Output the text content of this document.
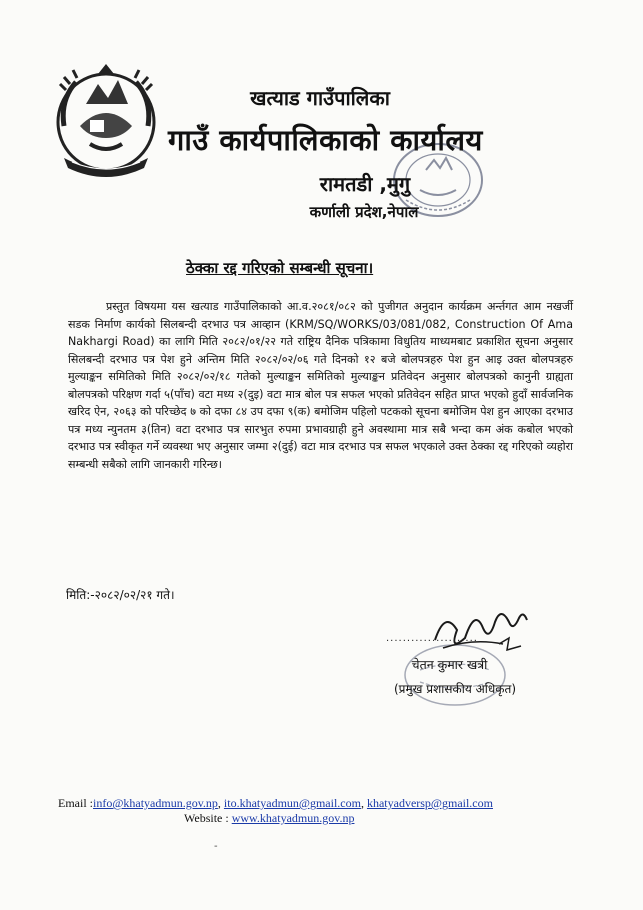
खत्याड गाउँपालिका
गाउँ कार्यपालिकाको कार्यालय
रामतडी ,मुगु
कर्णाली प्रदेश,नेपाल
ठेक्का रद्द गरिएको सम्बन्धी सूचना।

प्रस्तुत विषयमा यस खत्याड गाउँपालिकाको आ.व.२०८१/०८२ को पुजीगत अनुदान कार्यक्रम अर्न्तगत आम नखर्जी सडक निर्माण कार्यको सिलबन्दी दरभाउ पत्र आव्हान (KRM/SQ/WORKS/03/081/082, Construction Of Ama Nakhargi Road) का लागि मिति २०८२/०१/२२ गते राष्ट्रिय दैनिक पत्रिकामा विधुतिय माध्यमबाट प्रकाशित सूचना अनुसार सिलबन्दी दरभाउ पत्र पेश हुने अन्तिम मिति २०८२/०२/०६ गते दिनको १२ बजे बोलपत्रहरु पेश हुन आइ उक्त बोलपत्रहरु मुल्याङ्कन समितिको मिति २०८२/०२/१८ गतेको मुल्याङ्कन समितिको मुल्याङ्कन प्रतिवेदन अनुसार बोलपत्रको कानुनी ग्राह्यता बोलपत्रको परिक्षण गर्दा ५(पाँच) वटा मध्य २(दुइ) वटा मात्र बोल पत्र सफल भएको प्रतिवेदन सहित प्राप्त भएको हुदाँ सार्वजनिक खरिद ऐन, २०६३ को परिच्छेद ७ को दफा ८४ उप दफा ९(क) बमोजिम पहिलो पटकको सूचना बमोजिम पेश हुन आएका दरभाउ पत्र मध्य न्युनतम ३(तिन) वटा दरभाउ पत्र सारभुत रुपमा प्रभावग्राही हुने अवस्थामा मात्र सबै भन्दा कम अंक कबोल भएको दरभाउ पत्र स्वीकृत गर्ने व्यवस्था भए अनुसार जम्मा २(दुई) वटा मात्र दरभाउ पत्र सफल भएकाले उक्त ठेक्का रद्द गरिएको व्यहोरा सम्बन्धी सबैको लागि जानकारी गरिन्छ।

मिति:-२०८२/०२/२१ गते।
......................
चेतन कुमार खत्री
(प्रमुख प्रशासकीय अधिकृत)
Email :info@khatyadmun.gov.np, ito.khatyadmun@gmail.com, khatyadversp@gmail.com
Website : www.khatyadmun.gov.np
-
